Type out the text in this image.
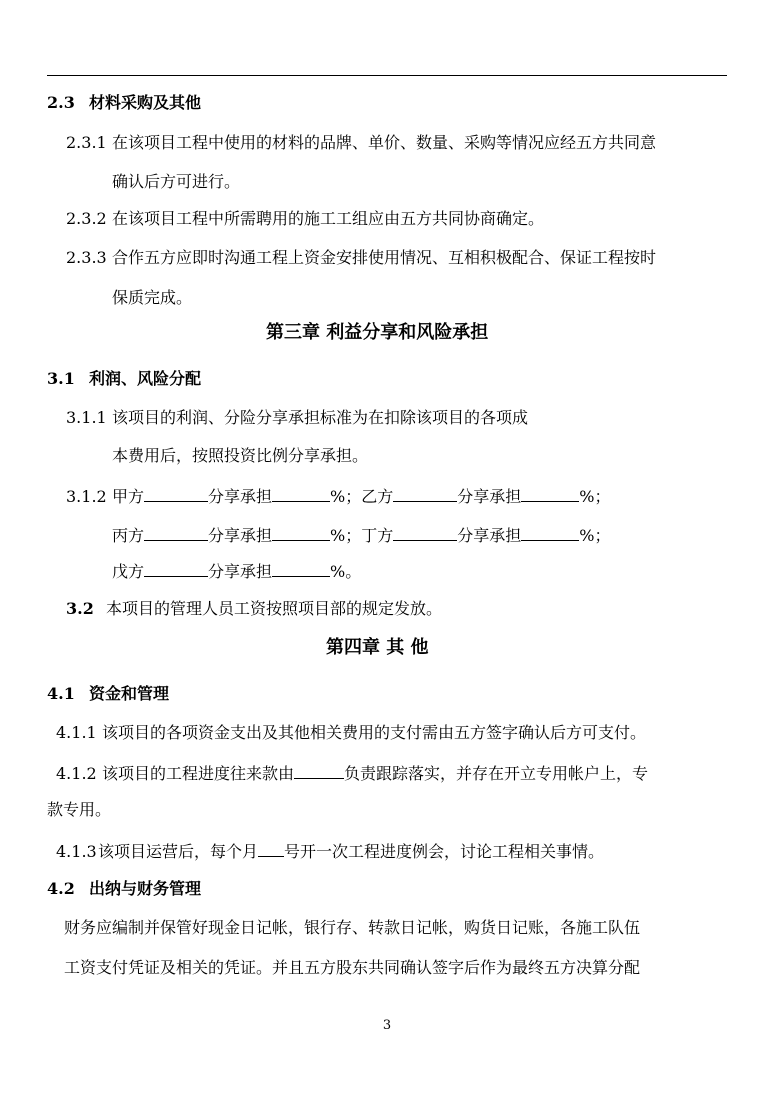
2.3 材料采购及其他
2.3.1 在该项目工程中使用的材料的品牌、单价、数量、采购等情况应经五方共同意
确认后方可进行。
2.3.2 在该项目工程中所需聘用的施工工组应由五方共同协商确定。
2.3.3 合作五方应即时沟通工程上资金安排使用情况、互相积极配合、保证工程按时
保质完成。
第三章 利益分享和风险承担
3.1 利润、风险分配
3.1.1 该项目的利润、分险分享承担标准为在扣除该项目的各项成
本费用后，按照投资比例分享承担。
3.1.2 甲方	分享承担	%；乙方	分享承担	%；
丙方	分享承担	%；丁方	分享承担	%；
戊方	分享承担	%。
3.2 本项目的管理人员工资按照项目部的规定发放。
第四章 其 他
4.1 资金和管理
4.1.1 该项目的各项资金支出及其他相关费用的支付需由五方签字确认后方可支付。
4.1.2 该项目的工程进度往来款由	负责跟踪落实，并存在开立专用帐户上，专
款专用。
4.1.3该项目运营后，每个月 号开一次工程进度例会，讨论工程相关事情。
4.2 出纳与财务管理
财务应编制并保管好现金日记帐，银行存、转款日记帐，购货日记账，各施工队伍
工资支付凭证及相关的凭证。并且五方股东共同确认签字后作为最终五方决算分配
3
